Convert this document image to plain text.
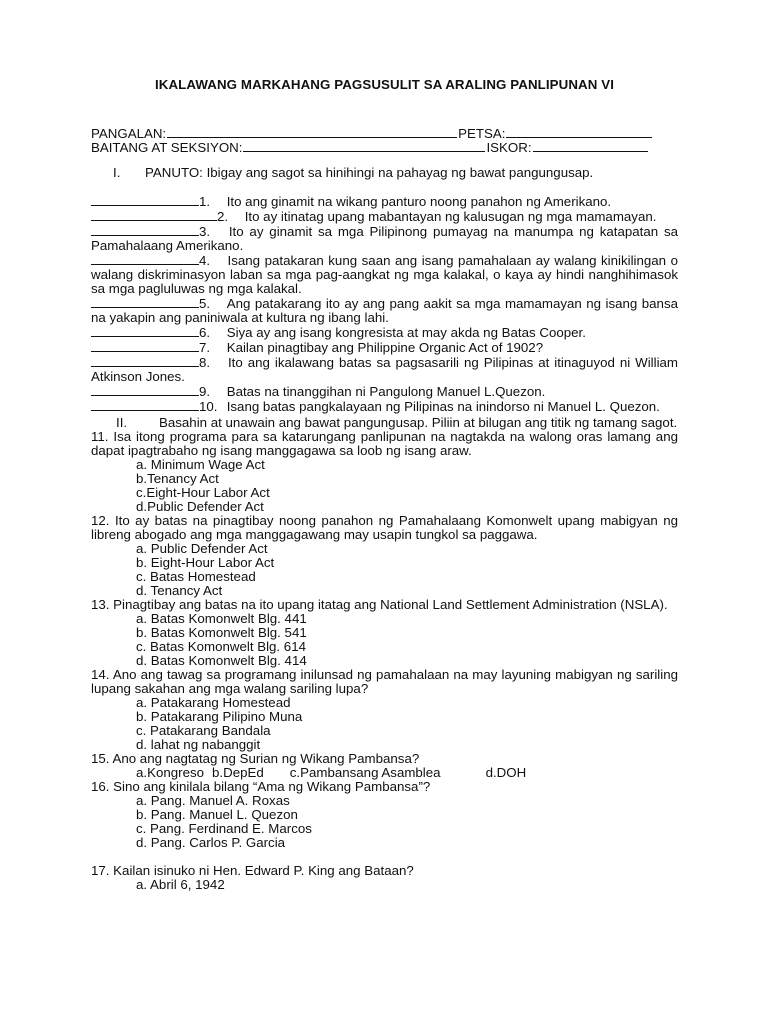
IKALAWANG MARKAHANG PAGSUSULIT SA ARALING PANLIPUNAN VI
PANGALAN:	PETSA:
BAITANG AT SEKSIYON:	ISKOR:
I.	PANUTO: Ibigay ang sagot sa hinihingi na pahayag ng bawat pangungusap.
1. Ito ang ginamit na wikang panturo noong panahon ng Amerikano.
2. Ito ay itinatag upang mabantayan ng kalusugan ng mga mamamayan.
3. Ito ay ginamit sa mga Pilipinong pumayag na manumpa ng katapatan sa Pamahalaang Amerikano.
4. Isang patakaran kung saan ang isang pamahalaan ay walang kinikilingan o walang diskriminasyon laban sa mga pag-aangkat ng mga kalakal, o kaya ay hindi nanghihimasok sa mga pagluluwas ng mga kalakal.
5. Ang patakarang ito ay ang pang aakit sa mga mamamayan ng isang bansa na yakapin ang paniniwala at kultura ng ibang lahi.
6. Siya ay ang isang kongresista at may akda ng Batas Cooper.
7. Kailan pinagtibay ang Philippine Organic Act of 1902?
8. Ito ang ikalawang batas sa pagsasarili ng Pilipinas at itinaguyod ni William Atkinson Jones.
9. Batas na tinanggihan ni Pangulong Manuel L.Quezon.
10. Isang batas pangkalayaan ng Pilipinas na inindorso ni Manuel L. Quezon.
II.	Basahin at unawain ang bawat pangungusap. Piliin at bilugan ang titik ng tamang sagot.
11. Isa itong programa para sa katarungang panlipunan na nagtakda na walong oras lamang ang dapat ipagtrabaho ng isang manggagawa sa loob ng isang araw.
a. Minimum Wage Act
b.Tenancy Act
c.Eight-Hour Labor Act
d.Public Defender Act
12. Ito ay batas na pinagtibay noong panahon ng Pamahalaang Komonwelt upang mabigyan ng libreng abogado ang mga manggagawang may usapin tungkol sa paggawa.
a. Public Defender Act
b. Eight-Hour Labor Act
c. Batas Homestead
d. Tenancy Act
13. Pinagtibay ang batas na ito upang itatag ang National Land Settlement Administration (NSLA).
a. Batas Komonwelt Blg. 441
b. Batas Komonwelt Blg. 541
c. Batas Komonwelt Blg. 614
d. Batas Komonwelt Blg. 414
14. Ano ang tawag sa programang inilunsad ng pamahalaan na may layuning mabigyan ng sariling lupang sakahan ang mga walang sariling lupa?
a. Patakarang Homestead
b. Patakarang Pilipino Muna
c. Patakarang Bandala
d. lahat ng nabanggit
15. Ano ang nagtatag ng Surian ng Wikang Pambansa?
a.Kongreso b.DepEd c.Pambansang Asamblea	d.DOH
16. Sino ang kinilala bilang “Ama ng Wikang Pambansa”?
a. Pang. Manuel A. Roxas
b. Pang. Manuel L. Quezon
c. Pang. Ferdinand E. Marcos
d. Pang. Carlos P. Garcia
17. Kailan isinuko ni Hen. Edward P. King ang Bataan?
a. Abril 6, 1942
